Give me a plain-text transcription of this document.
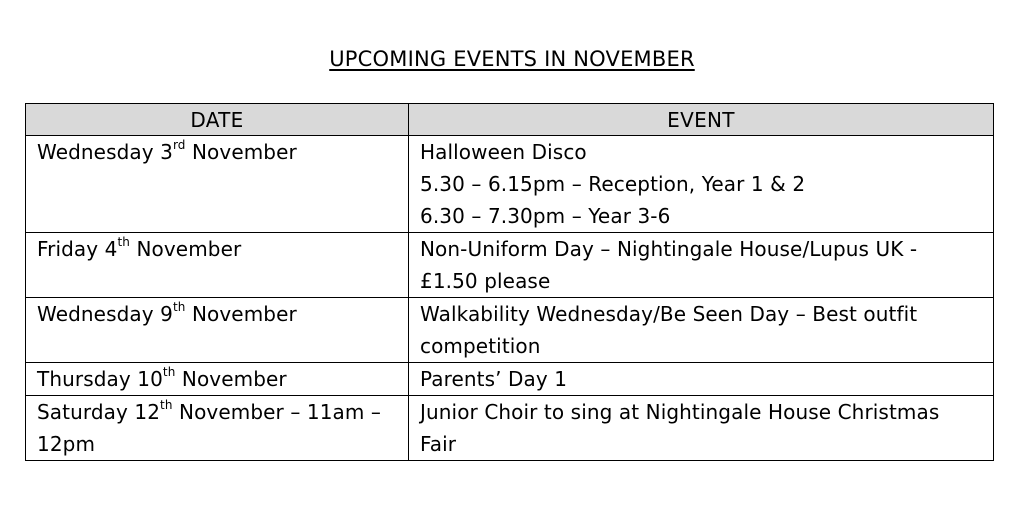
UPCOMING EVENTS IN NOVEMBER
DATE	EVENT

Wednesday 3rd November	Halloween Disco
5.30 – 6.15pm – Reception, Year 1 & 2
6.30 – 7.30pm – Year 3-6

Friday 4th November	Non-Uniform Day – Nightingale House/Lupus UK -
£1.50 please

Wednesday 9th November	Walkability Wednesday/Be Seen Day – Best outfit
competition

Thursday 10th November	Parents’ Day 1

Saturday 12th November – 11am –
12pm	Junior Choir to sing at Nightingale House Christmas
Fair
